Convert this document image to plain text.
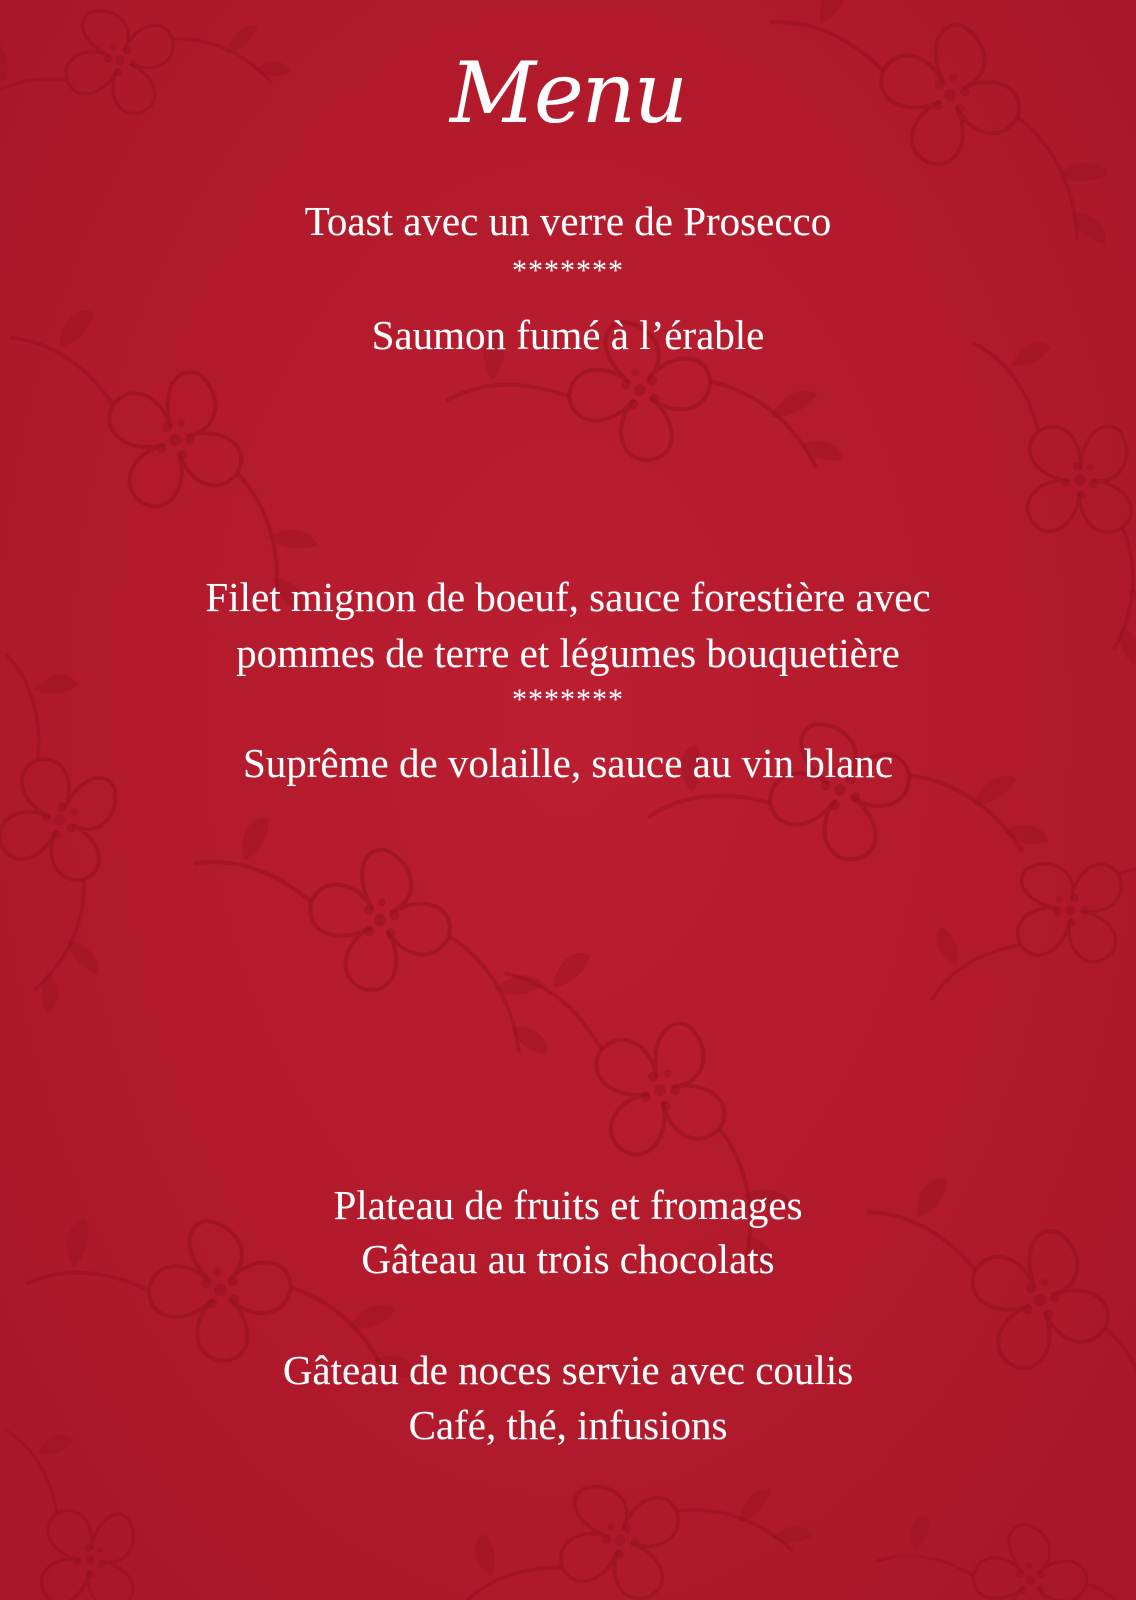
Menu
Toast avec un verre de Prosecco
*******
Saumon fumé à l’érable
Filet mignon de boeuf, sauce forestière avec
pommes de terre et légumes bouquetière
*******
Suprême de volaille, sauce au vin blanc
Plateau de fruits et fromages
Gâteau au trois chocolats
Gâteau de noces servie avec coulis
Café, thé, infusions
